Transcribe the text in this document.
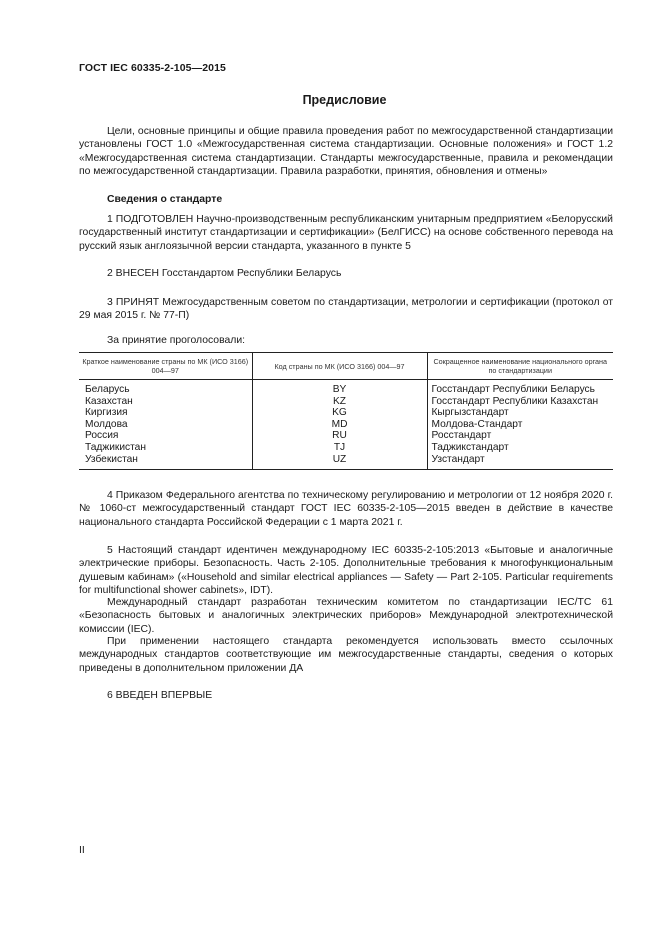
ГОСТ IEC 60335-2-105—2015
Предисловие
Цели, основные принципы и общие правила проведения работ по межгосударственной стандартизации установлены ГОСТ 1.0 «Межгосударственная система стандартизации. Основные положения» и ГОСТ 1.2 «Межгосударственная система стандартизации. Стандарты межгосударственные, правила и рекомендации по межгосударственной стандартизации. Правила разработки, принятия, обновления и отмены»
Сведения о стандарте
1 ПОДГОТОВЛЕН Научно-производственным республиканским унитарным предприятием «Белорусский государственный институт стандартизации и сертификации» (БелГИСС) на основе собственного перевода на русский язык англоязычной версии стандарта, указанного в пункте 5
2 ВНЕСЕН Госстандартом Республики Беларусь
3 ПРИНЯТ Межгосударственным советом по стандартизации, метрологии и сертификации (протокол от 29 мая 2015 г. № 77-П)
За принятие проголосовали:
Краткое наименование страны по МК (ИСО 3166) 004—97	Код страны по МК (ИСО 3166) 004—97	Сокращенное наименование национального органа по стандартизации
Беларусь	BY	Госстандарт Республики Беларусь
Казахстан	KZ	Госстандарт Республики Казахстан
Киргизия	KG	Кыргызстандарт
Молдова	MD	Молдова-Стандарт
Россия	RU	Росстандарт
Таджикистан	TJ	Таджикстандарт
Узбекистан	UZ	Узстандарт
4 Приказом Федерального агентства по техническому регулированию и метрологии от 12 ноября 2020 г. № 1060-ст межгосударственный стандарт ГОСТ IEC 60335-2-105—2015 введен в действие в качестве национального стандарта Российской Федерации с 1 марта 2021 г.
5 Настоящий стандарт идентичен международному IEC 60335-2-105:2013 «Бытовые и аналогичные электрические приборы. Безопасность. Часть 2-105. Дополнительные требования к многофункциональным душевым кабинам» («Household and similar electrical appliances — Safety — Part 2-105. Particular requirements for multifunctional shower cabinets», IDT).
Международный стандарт разработан техническим комитетом по стандартизации IEC/TC 61 «Безопасность бытовых и аналогичных электрических приборов» Международной электротехнической комиссии (IEC).
При применении настоящего стандарта рекомендуется использовать вместо ссылочных международных стандартов соответствующие им межгосударственные стандарты, сведения о которых приведены в дополнительном приложении ДА
6 ВВЕДЕН ВПЕРВЫЕ
II
